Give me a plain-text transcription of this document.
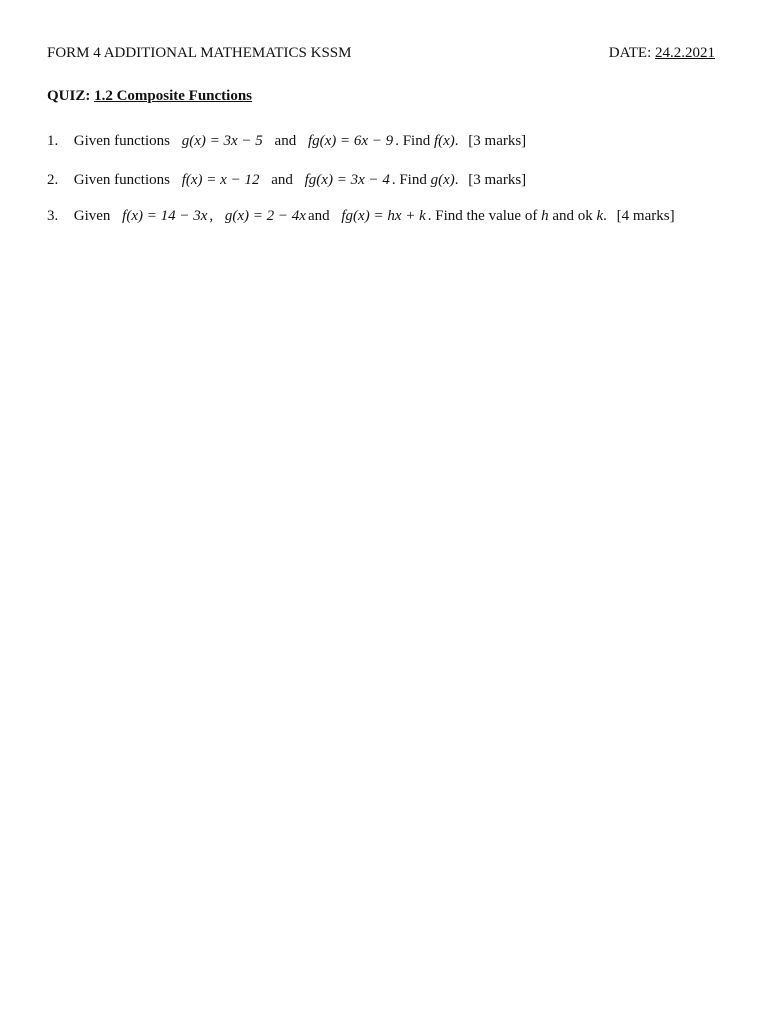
FORM 4 ADDITIONAL MATHEMATICS KSSM	DATE: 24.2.2021
QUIZ: 1.2 Composite Functions
1. Given functions g(x) = 3x − 5 and fg(x) = 6x − 9 . Find f(x). [3 marks]
2. Given functions f(x) = x − 12 and fg(x) = 3x − 4 . Find g(x). [3 marks]
3. Given f(x) = 14 − 3x , g(x) = 2 − 4x and fg(x) = hx + k . Find the value of h and ok k. [4 marks]
